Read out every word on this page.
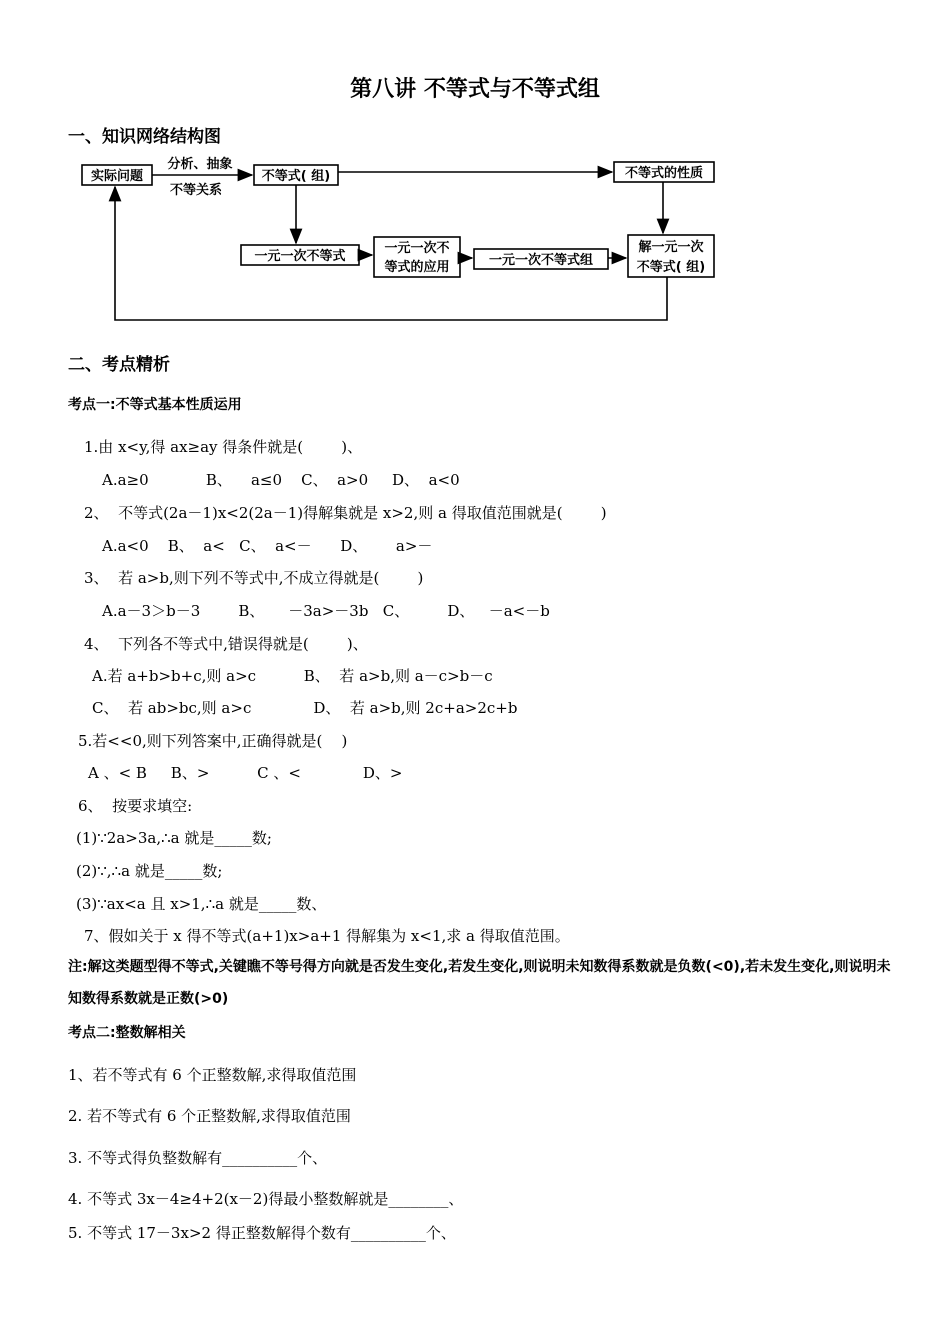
第八讲 不等式与不等式组
一、知识网络结构图
实际问题
分析、抽象
不等关系
不等式( 组)	不等式的性质
一元一次不等式
一元一次不
等式的应用	一元一次不等式组
解一元一次
不等式( 组)
二、考点精析
考点一:不等式基本性质运用
1.由 x<y,得 ax≥ay 得条件就是(        )、
A.a≥0            B、    a≤0    C、  a>0     D、  a<0
2、  不等式(2a－1)x<2(2a－1)得解集就是 x>2,则 a 得取值范围就是(        )
A.a<0    B、  a<   C、  a<－      D、      a>－
3、  若 a>b,则下列不等式中,不成立得就是(        )
A.a－3＞b－3        B、     －3a>－3b   C、        D、   －a<－b
4、  下列各不等式中,错误得就是(        )、
A.若 a+b>b+c,则 a>c          B、  若 a>b,则 a－c>b－c
C、  若 ab>bc,则 a>c             D、  若 a>b,则 2c+a>2c+b
5.若<<0,则下列答案中,正确得就是(    )
A 、< B     B、>          C 、<             D、>
6、  按要求填空:
(1)∵2a>3a,∴a 就是_____数;
(2)∵,∴a 就是_____数;
(3)∵ax<a 且 x>1,∴a 就是_____数、
7、假如关于 x 得不等式(a+1)x>a+1 得解集为 x<1,求 a 得取值范围。
注:解这类题型得不等式,关键瞧不等号得方向就是否发生变化,若发生变化,则说明未知数得系数就是负数(<0),若未发生变化,则说明未知数得系数就是正数(>0)
考点二:整数解相关
1、若不等式有 6 个正整数解,求得取值范围
2. 若不等式有 6 个正整数解,求得取值范围
3. 不等式得负整数解有__________个、
4. 不等式 3x－4≥4+2(x－2)得最小整数解就是________、
5. 不等式 17－3x>2 得正整数解得个数有__________个、
